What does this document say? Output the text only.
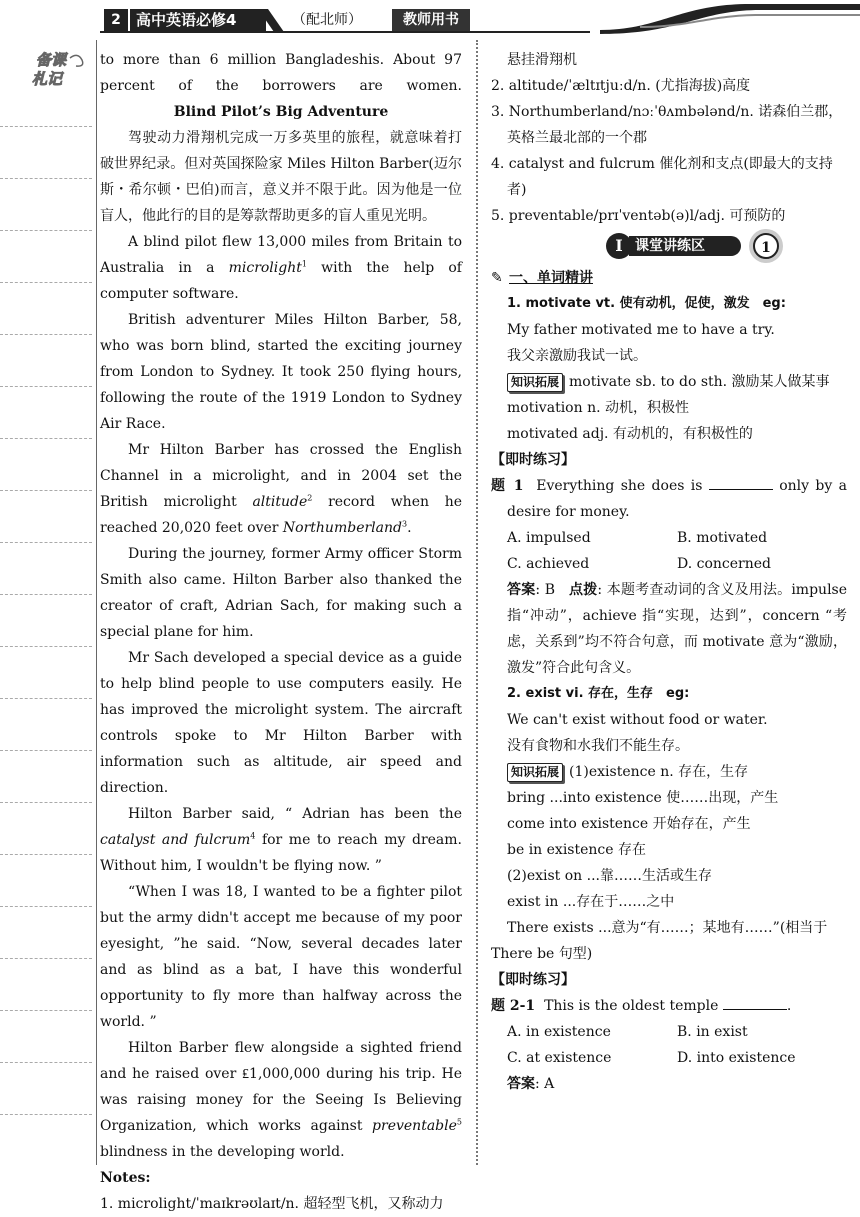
2	高中英语必修4	（配北师）	教师用书
备课
札记

to more than 6 million Bangladeshis. About 97 percent of the borrowers are women.

Blind Pilot’s Big Adventure

驾驶动力滑翔机完成一万多英里的旅程，就意味着打破世界纪录。但对英国探险家 Miles Hilton Barber(迈尔斯・希尔顿・巴伯)而言，意义并不限于此。因为他是一位盲人，他此行的目的是筹款帮助更多的盲人重见光明。

A blind pilot flew 13,000 miles from Britain to Australia in a microlight$^1$ with the help of computer software.

British adventurer Miles Hilton Barber, 58, who was born blind, started the exciting journey from London to Sydney. It took 250 flying hours, following the route of the 1919 London to Sydney Air Race.

Mr Hilton Barber has crossed the English Channel in a microlight, and in 2004 set the British microlight altitude$^2$ record when he reached 20,020 feet over Northumberland$^3$.

During the journey, former Army officer Storm Smith also came. Hilton Barber also thanked the creator of craft, Adrian Sach, for making such a special plane for him.

Mr Sach developed a special device as a guide to help blind people to use computers easily. He has improved the microlight system. The aircraft controls spoke to Mr Hilton Barber with information such as altitude, air speed and direction.

Hilton Barber said, “ Adrian has been the catalyst and fulcrum$^4$ for me to reach my dream. Without him, I wouldn't be flying now. ”

“When I was 18, I wanted to be a fighter pilot but the army didn't accept me because of my poor eyesight, ”he said. “Now, several decades later and as blind as a bat, I have this wonderful opportunity to fly more than halfway across the world. ”

Hilton Barber flew alongside a sighted friend and he raised over ₤1,000,000 during his trip. He was raising money for the Seeing Is Believing Organization, which works against preventable$^5$ blindness in the developing world.

Notes:

1. microlight/ˈmaɪkrəʊlaɪt/n. 超轻型飞机，又称动力

悬挂滑翔机

2. altitude/ˈæltɪtjuːd/n. (尤指海拔)高度

3. Northumberland/nɔːˈθʌmbələnd/n. 诺森伯兰郡，英格兰最北部的一个郡

4. catalyst and fulcrum 催化剂和支点(即最大的支持者)

5. preventable/prɪˈventəb(ə)l/adj. 可预防的

Ⅰ 课堂讲练区	1

✎ 一、单词精讲

1. motivate vt. 使有动机，促使，激发　eg:

My father motivated me to have a try.

我父亲激励我试一试。

知识拓展 motivate sb. to do sth. 激励某人做某事

motivation n. 动机，积极性

motivated adj. 有动机的，有积极性的

【即时练习】

题 1 Everything she does is	only by a desire for money.

A. impulsed	B. motivated
C. achieved	D. concerned

答案: B 点拨: 本题考查动词的含义及用法。impulse 指“冲动”，achieve 指“实现，达到”，concern “考虑，关系到”均不符合句意，而 motivate 意为“激励，激发”符合此句含义。

2. exist vi. 存在，生存　eg:

We can't exist without food or water.

没有食物和水我们不能生存。

知识拓展 (1)existence n. 存在，生存

bring ...into existence 使……出现，产生

come into existence 开始存在，产生

be in existence 存在

(2)exist on ...靠……生活或生存

exist in ...存在于……之中

There exists ...意为“有……；某地有……”(相当于 There be 句型)

【即时练习】

题 2-1 This is the oldest temple	.

A. in existence	B. in exist
C. at existence	D. into existence

答案: A
